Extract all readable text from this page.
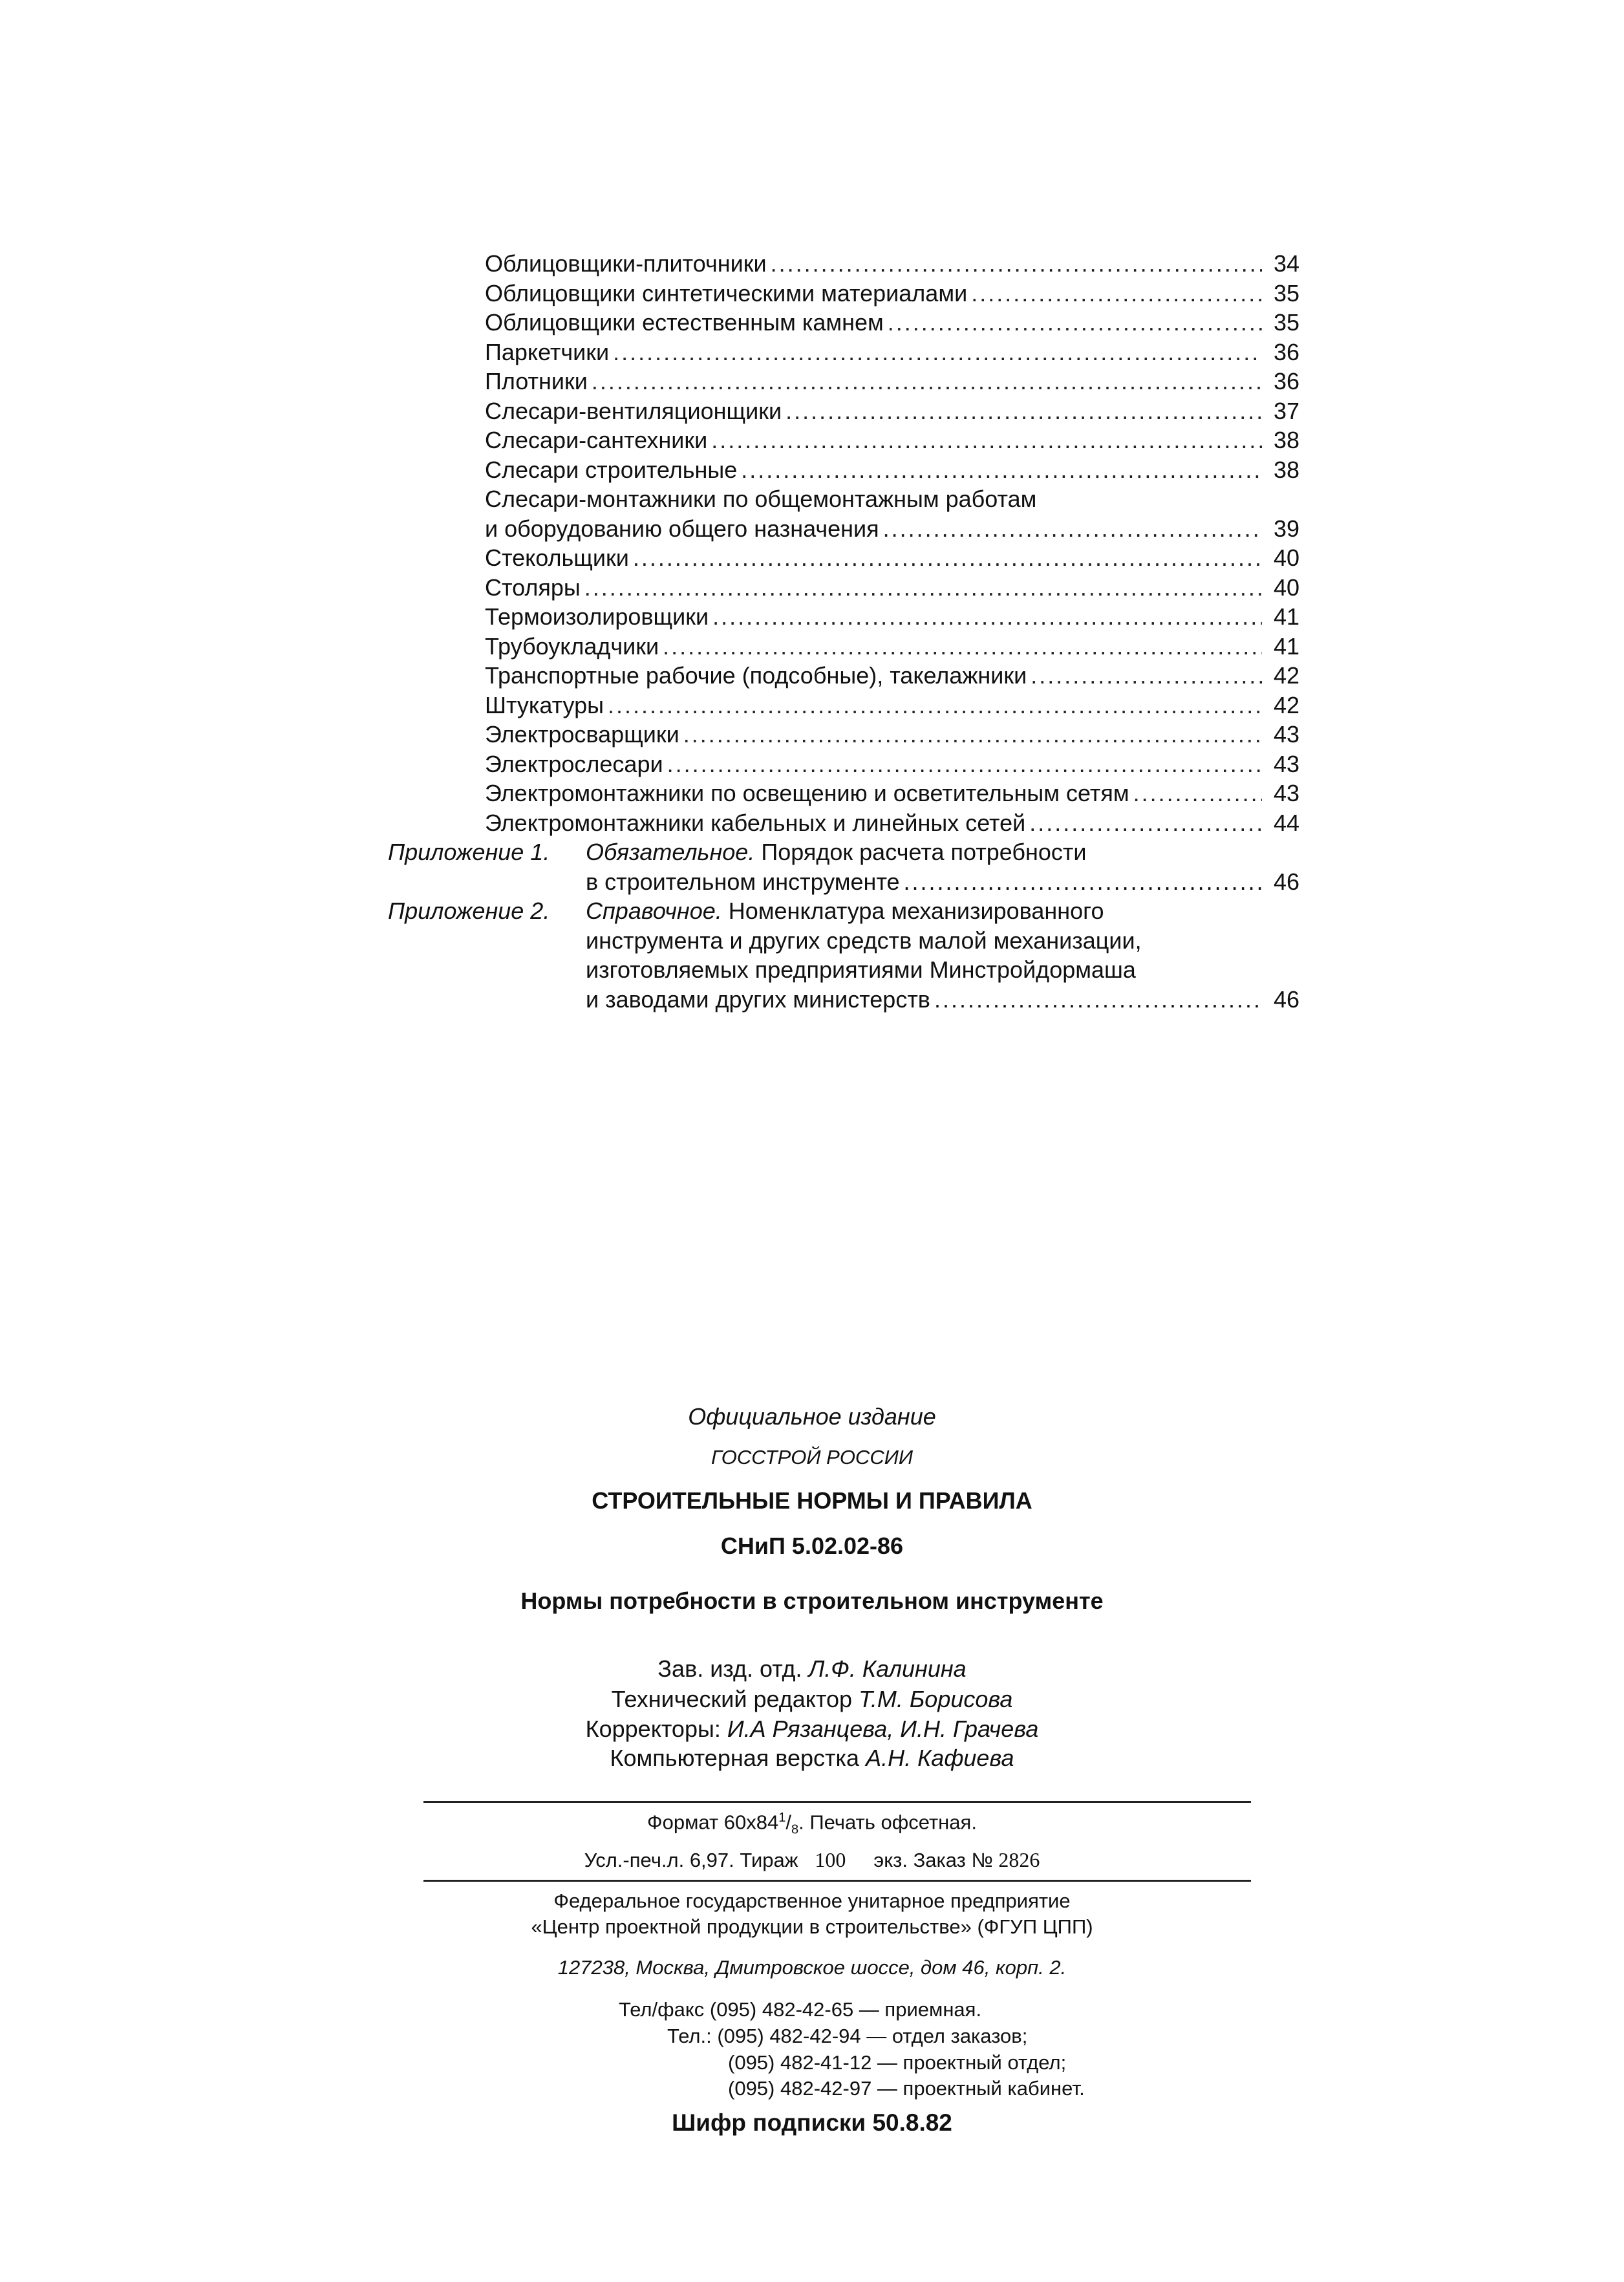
Облицовщики-плиточники .....	34
Облицовщики синтетическими материалами .....	35
Облицовщики естественным камнем .....	35
Паркетчики .....	36
Плотники .....	36
Слесари-вентиляционщики .....	37
Слесари-сантехники .....	38
Слесари строительные .....	38
Слесари-монтажники по общемонтажным работам
и оборудованию общего назначения .....	39
Стекольщики .....	40
Столяры .....	40
Термоизолировщики .....	41
Трубоукладчики .....	41
Транспортные рабочие (подсобные), такелажники .....	42
Штукатуры .....	42
Электросварщики .....	43
Электрослесари .....	43
Электромонтажники по освещению и осветительным сетям .....	43
Электромонтажники кабельных и линейных сетей .....	44
Приложение 1.	Обязательное. Порядок расчета потребности
в строительном инструменте .....	46
Приложение 2.	Справочное. Номенклатура механизированного
инструмента и других средств малой механизации,
изготовляемых предприятиями Минстройдормаша
и заводами других министерств .....	46
Официальное издание
ГОССТРОЙ РОССИИ
СТРОИТЕЛЬНЫЕ НОРМЫ И ПРАВИЛА
СНиП 5.02.02-86
Нормы потребности в строительном инструменте
Зав. изд. отд. Л.Ф. Калинина
Технический редактор Т.М. Борисова
Корректоры: И.А Рязанцева, И.Н. Грачева
Компьютерная верстка А.Н. Кафиева
Формат $60х84^1/_8$. Печать офсетная.
Усл.-печ.л. 6,97. Тираж 100 экз. Заказ № 2826
Федеральное государственное унитарное предприятие
«Центр проектной продукции в строительстве» (ФГУП ЦПП)
127238, Москва, Дмитровское шоссе, дом 46, корп. 2.
Тел/факс (095) 482-42-65 — приемная.
Тел.: (095) 482-42-94 — отдел заказов;
(095) 482-41-12 — проектный отдел;
(095) 482-42-97 — проектный кабинет.
Шифр подписки 50.8.82
